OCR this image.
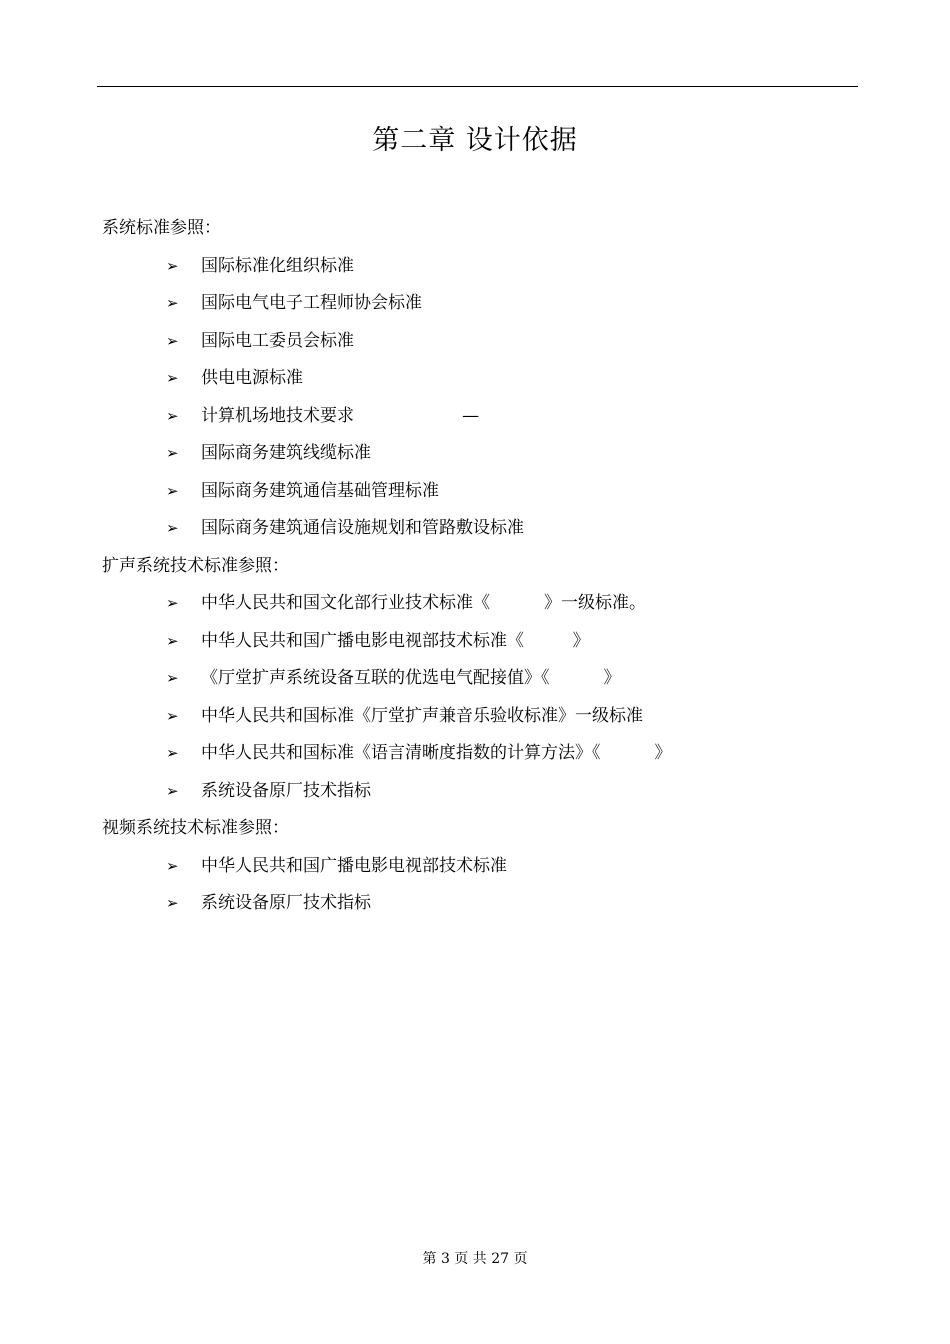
第二章 设计依据
系统标准参照：
➢ 国际标准化组织标准
➢ 国际电气电子工程师协会标准
➢ 国际电工委员会标准
➢ 供电电源标准
➢ 计算机场地技术要求                    —
➢ 国际商务建筑线缆标准
➢ 国际商务建筑通信基础管理标准
➢ 国际商务建筑通信设施规划和管路敷设标准
扩声系统技术标准参照：
➢ 中华人民共和国文化部行业技术标准《          》一级标准。
➢ 中华人民共和国广播电影电视部技术标准《         》
➢ 《厅堂扩声系统设备互联的优选电气配接值》《          》
➢ 中华人民共和国标准《厅堂扩声兼音乐验收标准》一级标准
➢ 中华人民共和国标准《语言清晰度指数的计算方法》《          》
➢ 系统设备原厂技术指标
视频系统技术标准参照：
➢ 中华人民共和国广播电影电视部技术标准
➢ 系统设备原厂技术指标
第 3 页 共 27 页
